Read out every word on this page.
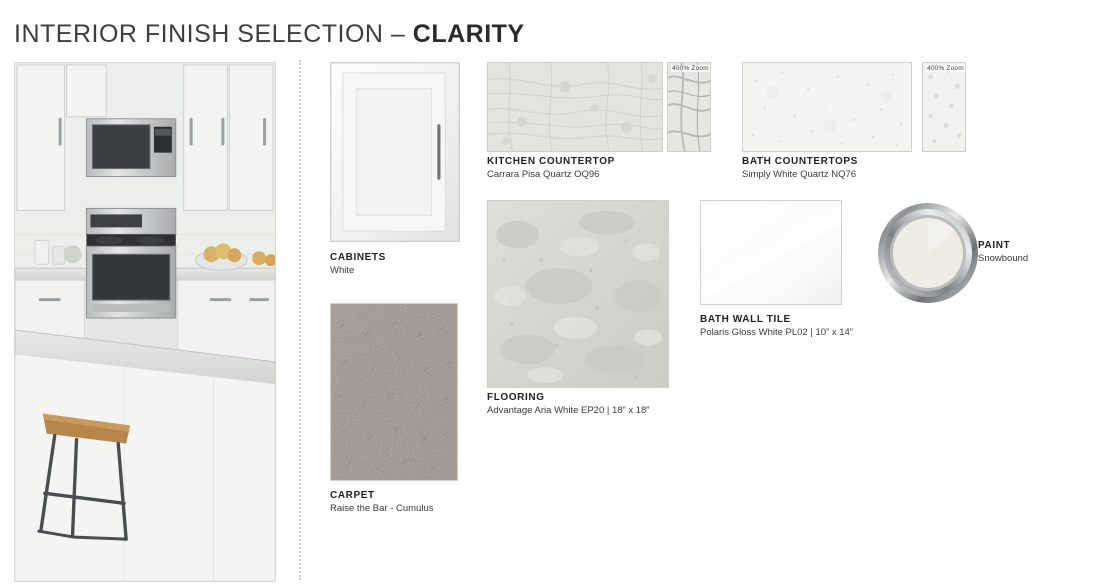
INTERIOR FINISH SELECTION – CLARITY
CABINETS
White
400% Zoom
KITCHEN COUNTERTOP
Carrara Pisa Quartz OQ96
400% Zoom
BATH COUNTERTOPS
Simply White Quartz NQ76
FLOORING
Advantage Aria White EP20 | 18” x 18”
BATH WALL TILE
Polaris Gloss White PL02 | 10” x 14”
PAINT
Snowbound
CARPET
Raise the Bar - Cumulus
